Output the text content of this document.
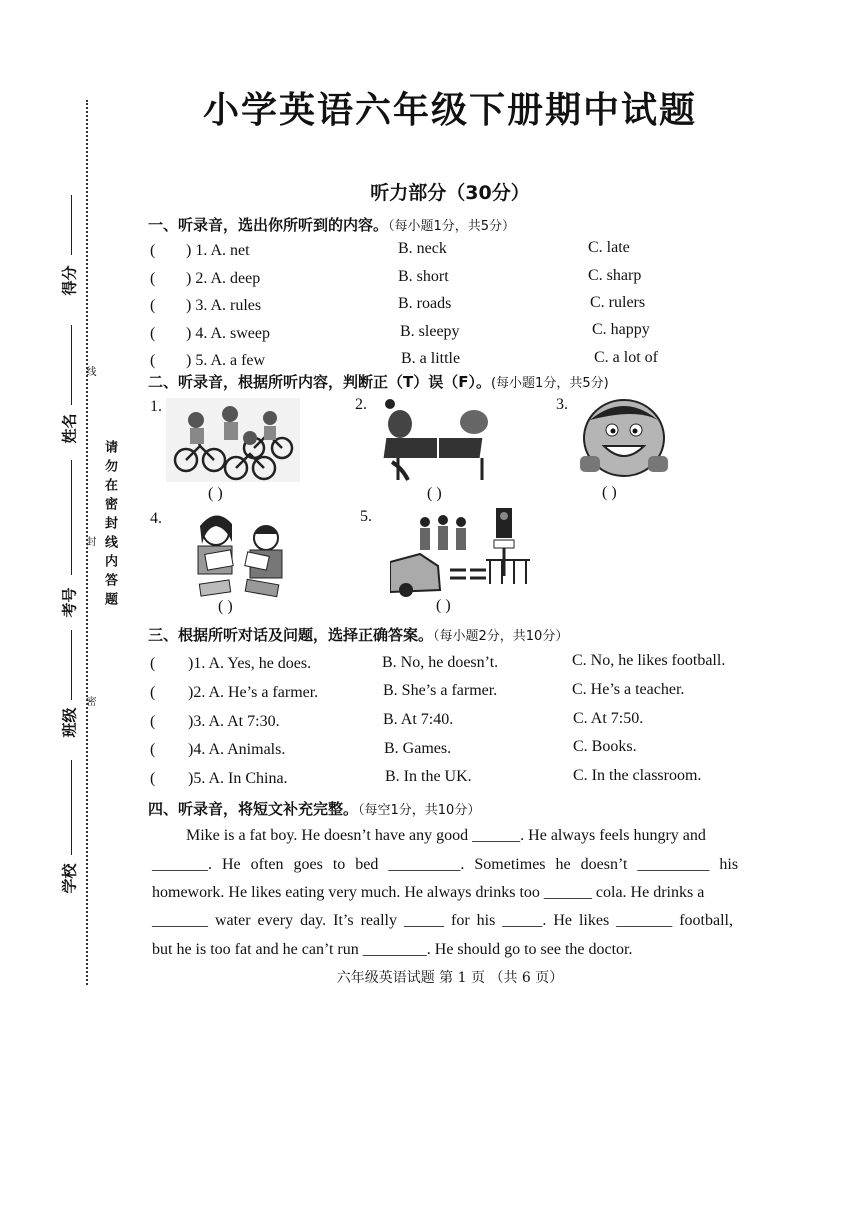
得分
姓名
线
考号
封
班级
密
学校
请勿在密封线内答题
小学英语六年级下册期中试题
听力部分（30分）
一、听录音，选出你所听到的内容。（每小题1分，共5分）
( ) 1. A. net	B. neck	C. late
( ) 2. A. deep	B. short	C. sharp
( ) 3. A. rules	B. roads	C. rulers
( ) 4. A. sweep	B. sleepy	C. happy
( ) 5. A. a few	B. a little	C. a lot of
二、听录音，根据所听内容，判断正（T）误（F）。(每小题1分，共5分)
1.
( )
2.
( )
3.
( )
4.
( )
5.
( )
三、根据所听对话及问题，选择正确答案。（每小题2分，共10分）
( )1. A. Yes, he does.	B. No, he doesn’t.	C. No, he likes football.
( )2. A. He’s a farmer.	B. She’s a farmer.	C. He’s a teacher.
( )3. A. At 7:30.	B. At 7:40.	C. At 7:50.
( )4. A. Animals.	B. Games.	C. Books.
( )5. A. In China.	B. In the UK.	C. In the classroom.
四、听录音，将短文补充完整。（每空1分，共10分）
Mike is a fat boy. He doesn’t have any good ______. He always feels hungry and
_______. He often goes to bed _________. Sometimes he doesn’t _________ his
homework. He likes eating very much. He always drinks too ______ cola. He drinks a
_______ water every day. It’s really _____ for his _____. He likes _______ football,
but he is too fat and he can’t run ________. He should go to see the doctor.
六年级英语试题 第 1 页 （共 6 页）
